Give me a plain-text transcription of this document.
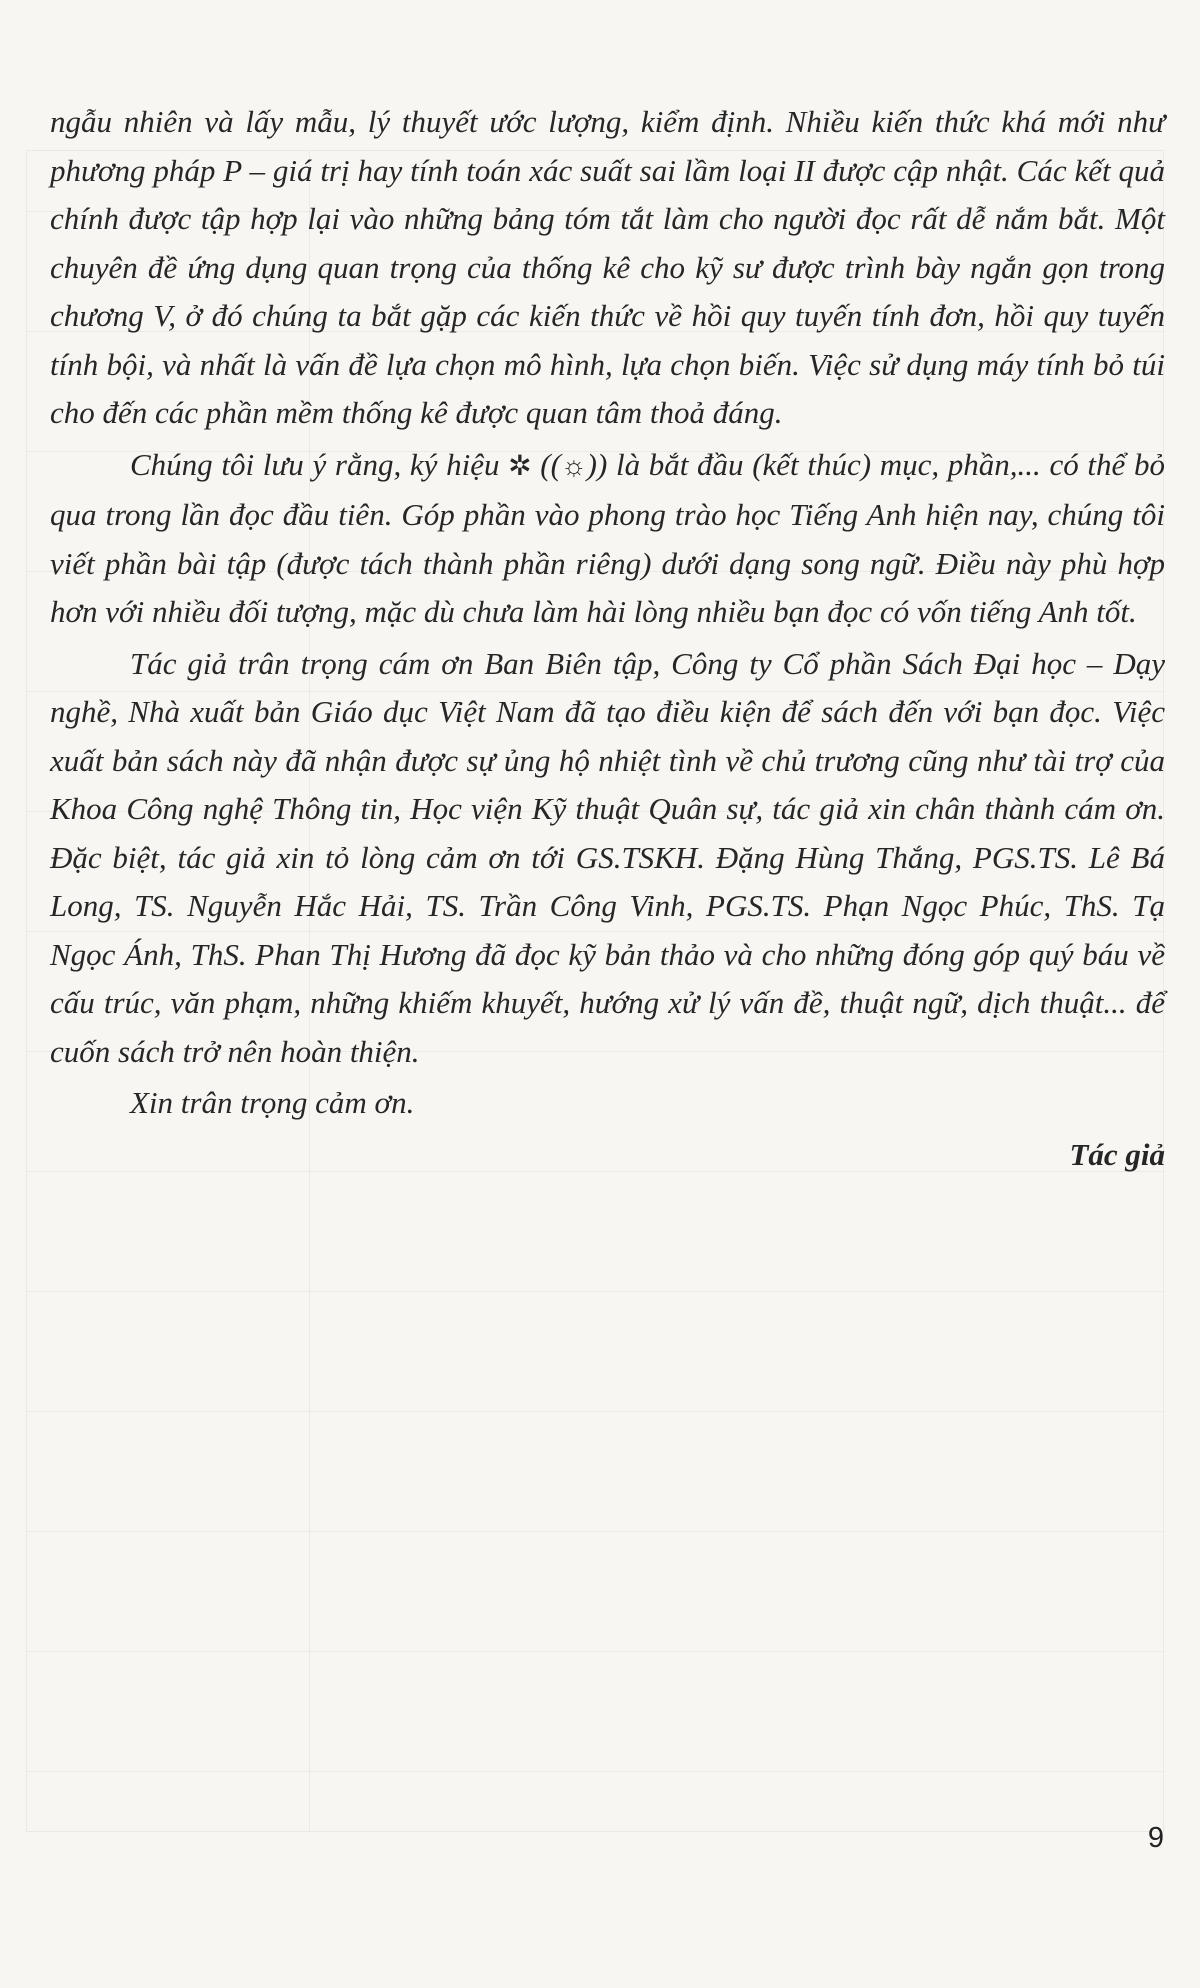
ngẫu nhiên và lấy mẫu, lý thuyết ước lượng, kiểm định. Nhiều kiến thức khá mới như phương pháp P – giá trị hay tính toán xác suất sai lầm loại II được cập nhật. Các kết quả chính được tập hợp lại vào những bảng tóm tắt làm cho người đọc rất dễ nắm bắt. Một chuyên đề ứng dụng quan trọng của thống kê cho kỹ sư được trình bày ngắn gọn trong chương V, ở đó chúng ta bắt gặp các kiến thức về hồi quy tuyến tính đơn, hồi quy tuyến tính bội, và nhất là vấn đề lựa chọn mô hình, lựa chọn biến. Việc sử dụng máy tính bỏ túi cho đến các phần mềm thống kê được quan tâm thoả đáng.

Chúng tôi lưu ý rằng, ký hiệu ✲ ((☼)) là bắt đầu (kết thúc) mục, phần,... có thể bỏ qua trong lần đọc đầu tiên. Góp phần vào phong trào học Tiếng Anh hiện nay, chúng tôi viết phần bài tập (được tách thành phần riêng) dưới dạng song ngữ. Điều này phù hợp hơn với nhiều đối tượng, mặc dù chưa làm hài lòng nhiều bạn đọc có vốn tiếng Anh tốt.

Tác giả trân trọng cám ơn Ban Biên tập, Công ty Cổ phần Sách Đại học – Dạy nghề, Nhà xuất bản Giáo dục Việt Nam đã tạo điều kiện để sách đến với bạn đọc. Việc xuất bản sách này đã nhận được sự ủng hộ nhiệt tình về chủ trương cũng như tài trợ của Khoa Công nghệ Thông tin, Học viện Kỹ thuật Quân sự, tác giả xin chân thành cám ơn. Đặc biệt, tác giả xin tỏ lòng cảm ơn tới GS.TSKH. Đặng Hùng Thắng, PGS.TS. Lê Bá Long, TS. Nguyễn Hắc Hải, TS. Trần Công Vinh, PGS.TS. Phạn Ngọc Phúc, ThS. Tạ Ngọc Ánh, ThS. Phan Thị Hương đã đọc kỹ bản thảo và cho những đóng góp quý báu về cấu trúc, văn phạm, những khiếm khuyết, hướng xử lý vấn đề, thuật ngữ, dịch thuật... để cuốn sách trở nên hoàn thiện.

Xin trân trọng cảm ơn.

Tác giả

9
